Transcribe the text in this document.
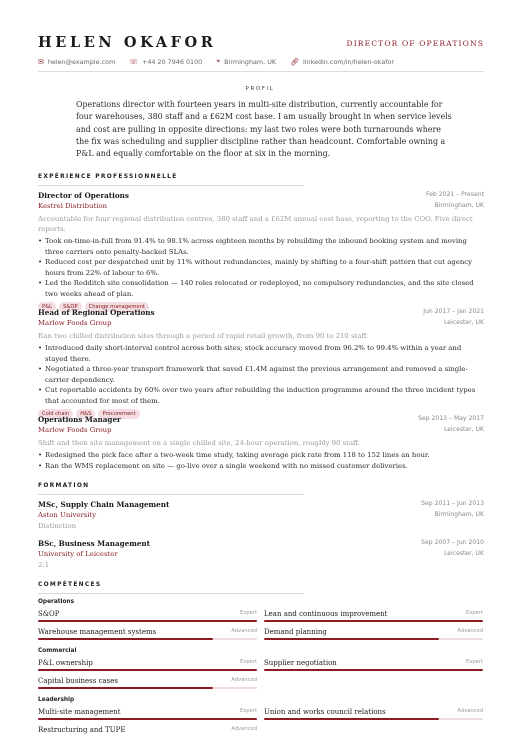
HELEN OKAFOR	DIRECTOR OF OPERATIONS
✉ helen@example.com ☏ +44 20 7946 0100 ⌖ Birmingham, UK 🔗︎ linkedin.com/in/helen-okafor
PROFIL
Operations director with fourteen years in multi-site distribution, currently accountable for four warehouses, 380 staff and a £62M cost base. I am usually brought in when service levels and cost are pulling in opposite directions: my last two roles were both turnarounds where the fix was scheduling and supplier discipline rather than headcount. Comfortable owning a P&L and equally comfortable on the floor at six in the morning.
EXPÉRIENCE PROFESSIONNELLE
Director of Operations	Feb 2021 – Present
Kestrel Distribution	Birmingham, UK
Accountable for four regional distribution centres, 380 staff and a £62M annual cost base, reporting to the COO. Five direct reports.
• Took on-time-in-full from 91.4% to 98.1% across eighteen months by rebuilding the inbound booking system and moving three carriers onto penalty-backed SLAs.
• Reduced cost per despatched unit by 11% without redundancies, mainly by shifting to a four-shift pattern that cut agency hours from 22% of labour to 6%.
• Led the Redditch site consolidation — 140 roles relocated or redeployed, no compulsory redundancies, and the site closed two weeks ahead of plan.
P&L	S&OP	Change management
Head of Regional Operations	Jun 2017 – Jan 2021
Marlow Foods Group	Leicester, UK
Ran two chilled distribution sites through a period of rapid retail growth, from 90 to 210 staff.
• Introduced daily short-interval control across both sites; stock accuracy moved from 96.2% to 99.4% within a year and stayed there.
• Negotiated a three-year transport framework that saved £1.4M against the previous arrangement and removed a single-carrier dependency.
• Cut reportable accidents by 60% over two years after rebuilding the induction programme around the three incident types that accounted for most of them.
Cold chain	H&S	Procurement
Operations Manager	Sep 2013 – May 2017
Marlow Foods Group	Leicester, UK
Shift and then site management on a single chilled site, 24-hour operation, roughly 90 staff.
• Redesigned the pick face after a two-week time study, taking average pick rate from 118 to 152 lines an hour.
• Ran the WMS replacement on site — go-live over a single weekend with no missed customer deliveries.
FORMATION
MSc, Supply Chain Management	Sep 2011 – Jun 2013
Aston University	Birmingham, UK
Distinction
BSc, Business Management	Sep 2007 – Jun 2010
University of Leicester	Leicester, UK
2:1
COMPÉTENCES
Operations
S&OP	Expert Lean and continuous improvement	Expert
Warehouse management systems	Advanced Demand planning	Advanced
Commercial
P&L ownership	Expert Supplier negotiation	Expert
Capital business cases	Advanced
Leadership
Multi-site management	Expert Union and works council relations	Advanced
Restructuring and TUPE	Advanced
